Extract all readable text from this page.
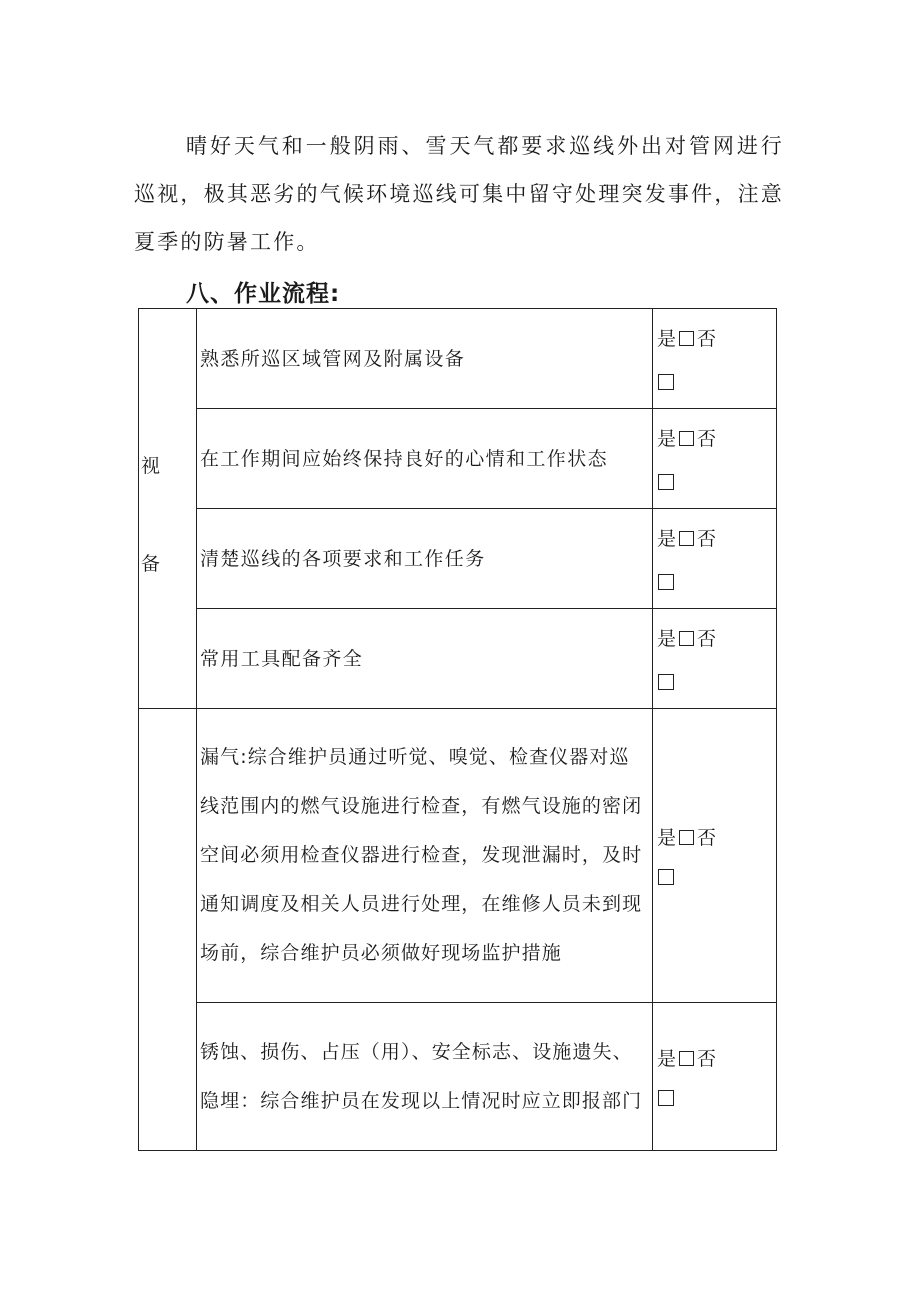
晴好天气和一般阴雨、雪天气都要求巡线外出对管网进行巡视，极其恶劣的气候环境巡线可集中留守处理突发事件，注意夏季的防暑工作。

八、作业流程:

视
备	熟悉所巡区域管网及附属设备	是 否

	在工作期间应始终保持良好的心情和工作状态	是 否

	清楚巡线的各项要求和工作任务	是 否

	常用工具配备齐全	是 否

	漏气:综合维护员通过听觉、嗅觉、检查仪器对巡线范围内的燃气设施进行检查，有燃气设施的密闭空间必须用检查仪器进行检查，发现泄漏时，及时通知调度及相关人员进行处理，在维修人员未到现场前，综合维护员必须做好现场监护措施	是 否

	锈蚀、损伤、占压（用）、安全标志、设施遗失、隐埋：综合维护员在发现以上情况时应立即报部门	是 否
